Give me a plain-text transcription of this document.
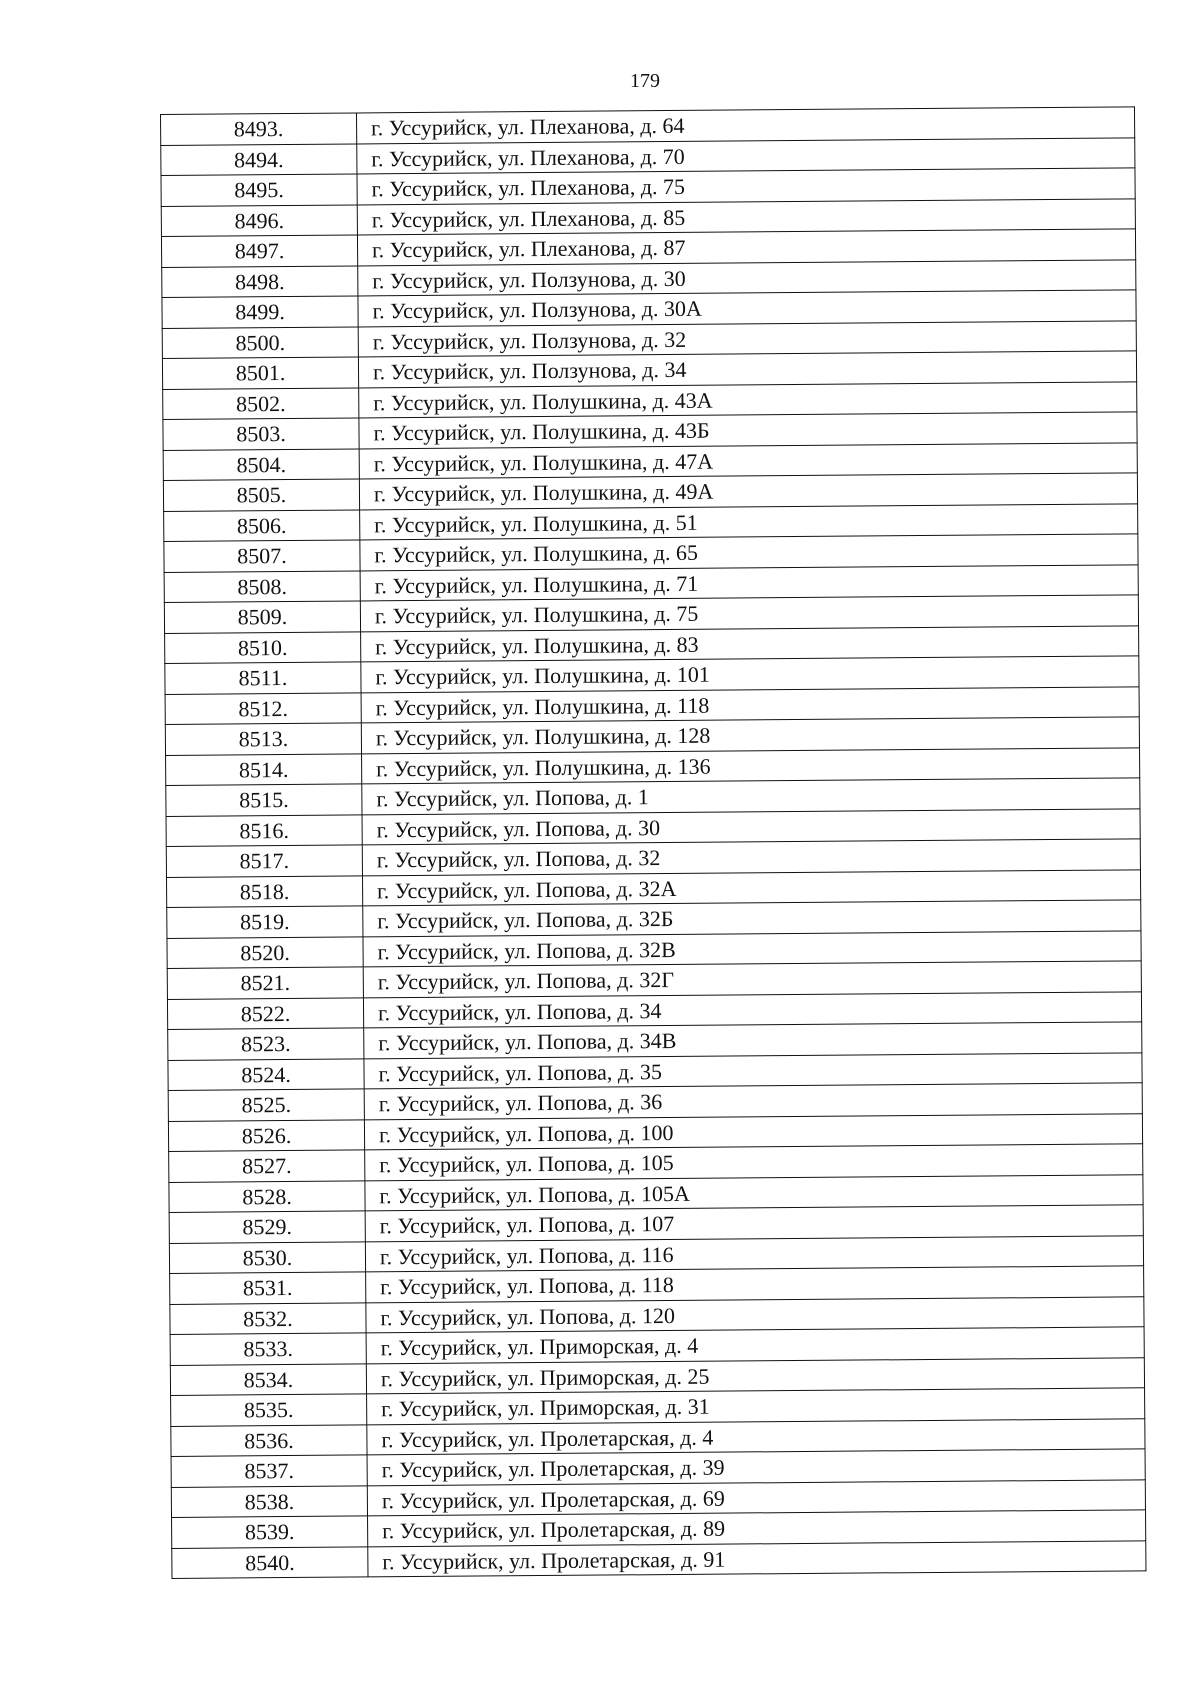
179
8493.	г. Уссурийск, ул. Плеханова, д. 64
8494.	г. Уссурийск, ул. Плеханова, д. 70
8495.	г. Уссурийск, ул. Плеханова, д. 75
8496.	г. Уссурийск, ул. Плеханова, д. 85
8497.	г. Уссурийск, ул. Плеханова, д. 87
8498.	г. Уссурийск, ул. Ползунова, д. 30
8499.	г. Уссурийск, ул. Ползунова, д. 30А
8500.	г. Уссурийск, ул. Ползунова, д. 32
8501.	г. Уссурийск, ул. Ползунова, д. 34
8502.	г. Уссурийск, ул. Полушкина, д. 43А
8503.	г. Уссурийск, ул. Полушкина, д. 43Б
8504.	г. Уссурийск, ул. Полушкина, д. 47А
8505.	г. Уссурийск, ул. Полушкина, д. 49А
8506.	г. Уссурийск, ул. Полушкина, д. 51
8507.	г. Уссурийск, ул. Полушкина, д. 65
8508.	г. Уссурийск, ул. Полушкина, д. 71
8509.	г. Уссурийск, ул. Полушкина, д. 75
8510.	г. Уссурийск, ул. Полушкина, д. 83
8511.	г. Уссурийск, ул. Полушкина, д. 101
8512.	г. Уссурийск, ул. Полушкина, д. 118
8513.	г. Уссурийск, ул. Полушкина, д. 128
8514.	г. Уссурийск, ул. Полушкина, д. 136
8515.	г. Уссурийск, ул. Попова, д. 1
8516.	г. Уссурийск, ул. Попова, д. 30
8517.	г. Уссурийск, ул. Попова, д. 32
8518.	г. Уссурийск, ул. Попова, д. 32А
8519.	г. Уссурийск, ул. Попова, д. 32Б
8520.	г. Уссурийск, ул. Попова, д. 32В
8521.	г. Уссурийск, ул. Попова, д. 32Г
8522.	г. Уссурийск, ул. Попова, д. 34
8523.	г. Уссурийск, ул. Попова, д. 34В
8524.	г. Уссурийск, ул. Попова, д. 35
8525.	г. Уссурийск, ул. Попова, д. 36
8526.	г. Уссурийск, ул. Попова, д. 100
8527.	г. Уссурийск, ул. Попова, д. 105
8528.	г. Уссурийск, ул. Попова, д. 105А
8529.	г. Уссурийск, ул. Попова, д. 107
8530.	г. Уссурийск, ул. Попова, д. 116
8531.	г. Уссурийск, ул. Попова, д. 118
8532.	г. Уссурийск, ул. Попова, д. 120
8533.	г. Уссурийск, ул. Приморская, д. 4
8534.	г. Уссурийск, ул. Приморская, д. 25
8535.	г. Уссурийск, ул. Приморская, д. 31
8536.	г. Уссурийск, ул. Пролетарская, д. 4
8537.	г. Уссурийск, ул. Пролетарская, д. 39
8538.	г. Уссурийск, ул. Пролетарская, д. 69
8539.	г. Уссурийск, ул. Пролетарская, д. 89
8540.	г. Уссурийск, ул. Пролетарская, д. 91
